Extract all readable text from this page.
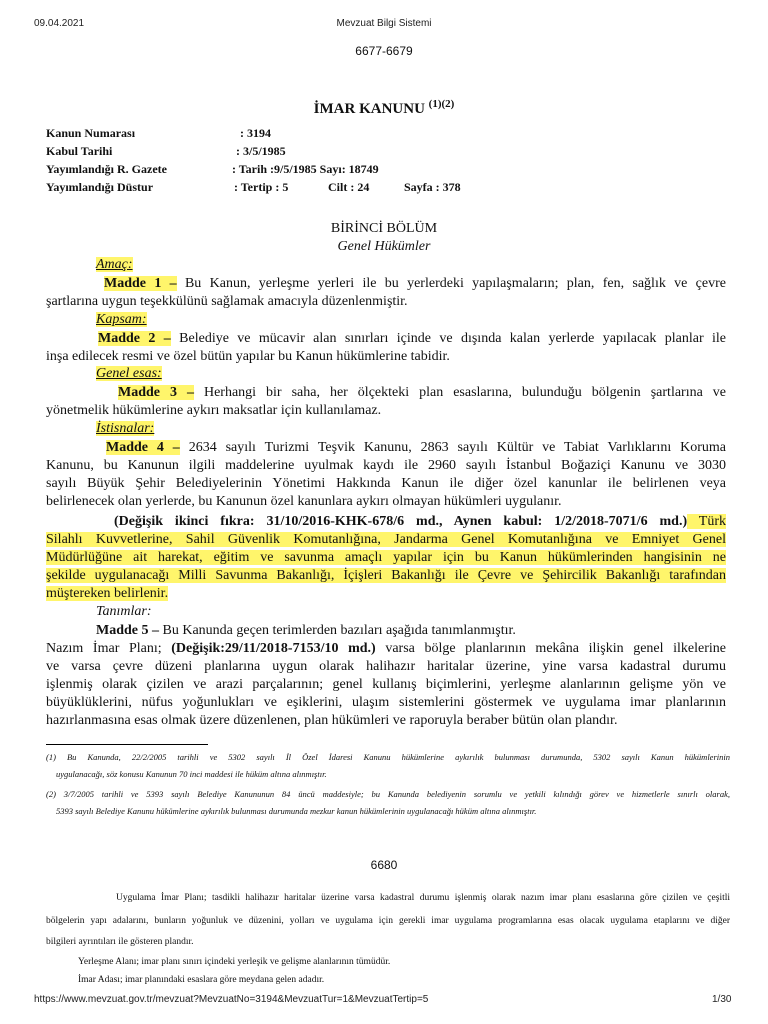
09.04.2021	Mevzuat Bilgi Sistemi
6677-6679
İMAR KANUNU $^{(1)(2)}$
Kanun Numarası	: 3194
Kabul Tarihi	: 3/5/1985
Yayımlandığı R. Gazete	: Tarih :9/5/1985 Sayı: 18749
Yayımlandığı Düstur	: Tertip : 5	Cilt : 24	Sayfa : 378
BİRİNCİ BÖLÜM
Genel Hükümler
Amaç:
Madde 1 – Bu Kanun, yerleşme yerleri ile bu yerlerdeki yapılaşmaların; plan, fen, sağlık ve çevre
şartlarına uygun teşekkülünü sağlamak amacıyla düzenlenmiştir.
Kapsam:
Madde 2 – Belediye ve mücavir alan sınırları içinde ve dışında kalan yerlerde yapılacak planlar ile
inşa edilecek resmi ve özel bütün yapılar bu Kanun hükümlerine tabidir.
Genel esas:
Madde 3 – Herhangi bir saha, her ölçekteki plan esaslarına, bulunduğu bölgenin şartlarına ve
yönetmelik hükümlerine aykırı maksatlar için kullanılamaz.
İstisnalar:
Madde 4 – 2634 sayılı Turizmi Teşvik Kanunu, 2863 sayılı Kültür ve Tabiat Varlıklarını Koruma
Kanunu, bu Kanunun ilgili maddelerine uyulmak kaydı ile 2960 sayılı İstanbul Boğaziçi Kanunu ve 3030
sayılı Büyük Şehir Belediyelerinin Yönetimi Hakkında Kanun ile diğer özel kanunlar ile belirlenen veya
belirlenecek olan yerlerde, bu Kanunun özel kanunlara aykırı olmayan hükümleri uygulanır.
(Değişik ikinci fıkra: 31/10/2016-KHK-678/6 md., Aynen kabul: 1/2/2018-7071/6 md.) Türk
Silahlı Kuvvetlerine, Sahil Güvenlik Komutanlığına, Jandarma Genel Komutanlığına ve Emniyet Genel
Müdürlüğüne ait harekat, eğitim ve savunma amaçlı yapılar için bu Kanun hükümlerinden hangisinin ne
şekilde uygulanacağı Milli Savunma Bakanlığı, İçişleri Bakanlığı ile Çevre ve Şehircilik Bakanlığı tarafından
müştereken belirlenir.
Tanımlar:
Madde 5 – Bu Kanunda geçen terimlerden bazıları aşağıda tanımlanmıştır.
Nazım İmar Planı; (Değişik:29/11/2018-7153/10 md.) varsa bölge planlarının mekâna ilişkin genel ilkelerine
ve varsa çevre düzeni planlarına uygun olarak halihazır haritalar üzerine, yine varsa kadastral durumu
işlenmiş olarak çizilen ve arazi parçalarının; genel kullanış biçimlerini, yerleşme alanlarının gelişme yön ve
büyüklüklerini, nüfus yoğunlukları ve eşiklerini, ulaşım sistemlerini göstermek ve uygulama imar planlarının
hazırlanmasına esas olmak üzere düzenlenen, plan hükümleri ve raporuyla beraber bütün olan plandır.
(1) Bu Kanunda, 22/2/2005 tarihli ve 5302 sayılı İl Özel İdaresi Kanunu hükümlerine aykırılık bulunması durumunda, 5302 sayılı Kanun hükümlerinin
uygulanacağı, söz konusu Kanunun 70 inci maddesi ile hüküm altına alınmıştır.
(2) 3/7/2005 tarihli ve 5393 sayılı Belediye Kanununun 84 üncü maddesiyle; bu Kanunda belediyenin sorumlu ve yetkili kılındığı görev ve hizmetlerle sınırlı olarak,
5393 sayılı Belediye Kanunu hükümlerine aykırılık bulunması durumunda mezkur kanun hükümlerinin uygulanacağı hüküm altına alınmıştır.
6680
Uygulama İmar Planı; tasdikli halihazır haritalar üzerine varsa kadastral durumu işlenmiş olarak nazım imar planı esaslarına göre çizilen ve çeşitli
bölgelerin yapı adalarını, bunların yoğunluk ve düzenini, yolları ve uygulama için gerekli imar uygulama programlarına esas olacak uygulama etaplarını ve diğer
bilgileri ayrıntıları ile gösteren plandır.
Yerleşme Alanı; imar planı sınırı içindeki yerleşik ve gelişme alanlarının tümüdür.
İmar Adası; imar planındaki esaslara göre meydana gelen adadır.
https://www.mevzuat.gov.tr/mevzuat?MevzuatNo=3194&MevzuatTur=1&MevzuatTertip=5	1/30
